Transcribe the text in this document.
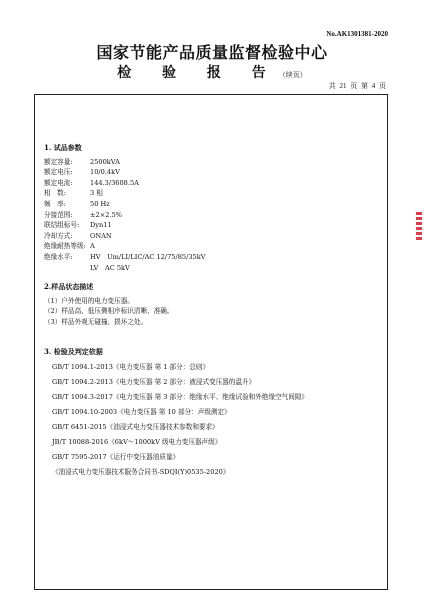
No.AK1301381-2020
国家节能产品质量监督检验中心
检 验 报 告（续页）
共 21 页 第 4 页
1. 试品参数
额定容量:	2500kVA
额定电压:	10/0.4kV
额定电流:	144.3/3608.5A
相　数:	3 相
频　率:	50 Hz
分接范围:	±2×2.5%
联结组标号:	Dyn11
冷却方式:	ONAN
绝缘耐热等级: A
绝缘水平:	HV　Um/LI/LIC/AC 12/75/85/35kV
LV　AC 5kV
2.样品状态描述
（1）户外使用的电力变压器。
（2）样品高、低压侧相序标识清晰、准确。
（3）样品外观无碰撞、损坏之处。
3. 检验及判定依据
GB/T 1094.1-2013《电力变压器 第 1 部分：总则》
GB/T 1094.2-2013《电力变压器 第 2 部分：液浸式变压器的温升》
GB/T 1094.3-2017《电力变压器 第 3 部分：绝缘水平、绝缘试验和外绝缘空气间隙》
GB/T 1094.10-2003《电力变压器 第 10 部分：声级测定》
GB/T 6451-2015《油浸式电力变压器技术参数和要求》
JB/T 10088-2016《6kV～1000kV 级电力变压器声级》
GB/T 7595-2017《运行中变压器油质量》
《油浸式电力变压器技术服务合同书-SDQI(Y)0535-2020》
